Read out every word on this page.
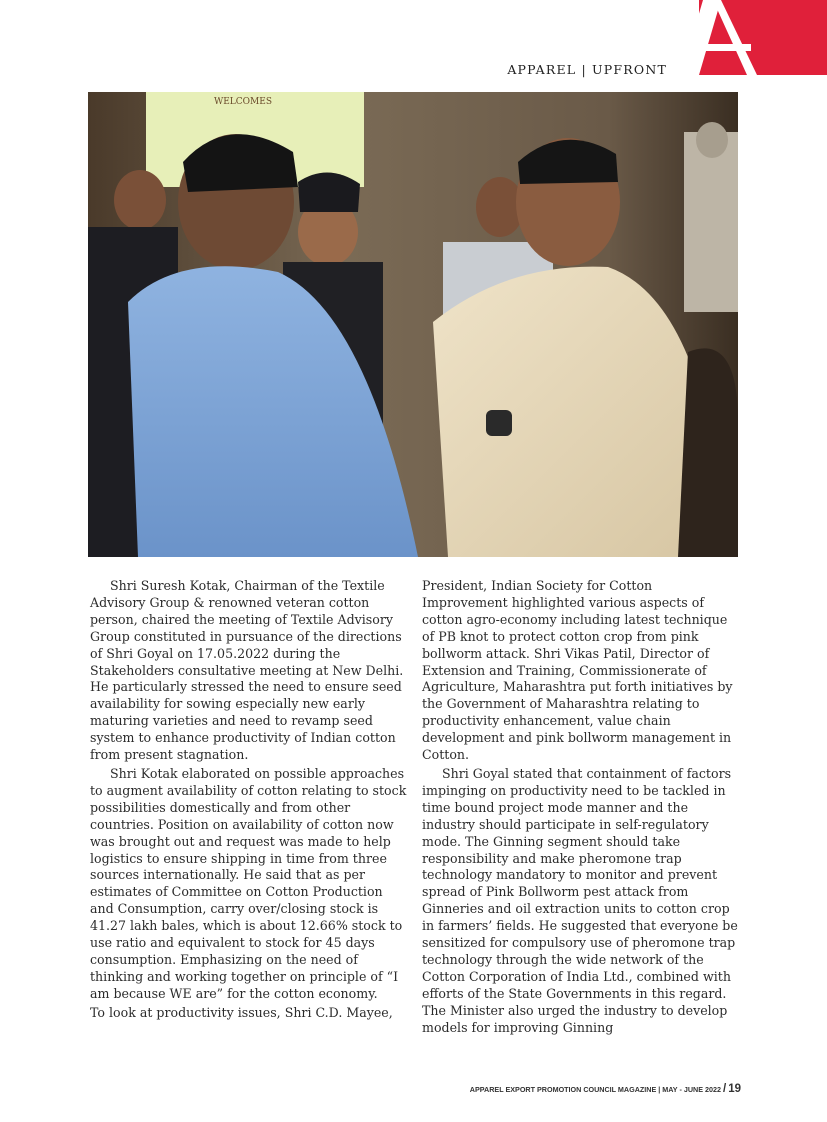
APPAREL | UPFRONT
WELCOMES

Shri Suresh Kotak, Chairman of the Textile Advisory Group & renowned veteran cotton person, chaired the meeting of Textile Advisory Group constituted in pursuance of the directions of Shri Goyal on 17.05.2022 during the Stakeholders consultative meeting at New Delhi. He particularly stressed the need to ensure seed availability for sowing especially new early maturing varieties and need to revamp seed system to enhance productivity of Indian cotton from present stagnation.

Shri Kotak elaborated on possible approaches to augment availability of cotton relating to stock possibilities domestically and from other countries. Position on availability of cotton now was brought out and request was made to help logistics to ensure shipping in time from three sources internationally. He said that as per estimates of Committee on Cotton Production and Consumption, carry over/closing stock is 41.27 lakh bales, which is about 12.66% stock to use ratio and equivalent to stock for 45 days consumption. Emphasizing on the need of thinking and working together on principle of “I am because WE are” for the cotton economy.

To look at productivity issues, Shri C.D. Mayee,

President, Indian Society for Cotton Improvement highlighted various aspects of cotton agro-economy including latest technique of PB knot to protect cotton crop from pink bollworm attack. Shri Vikas Patil, Director of Extension and Training, Commissionerate of Agriculture, Maharashtra put forth initiatives by the Government of Maharashtra relating to productivity enhancement, value chain development and pink bollworm management in Cotton.

Shri Goyal stated that containment of factors impinging on productivity need to be tackled in time bound project mode manner and the industry should participate in self-regulatory mode. The Ginning segment should take responsibility and make pheromone trap technology mandatory to monitor and prevent spread of Pink Bollworm pest attack from Ginneries and oil extraction units to cotton crop in farmers’ fields. He suggested that everyone be sensitized for compulsory use of pheromone trap technology through the wide network of the Cotton Corporation of India Ltd., combined with efforts of the State Governments in this regard. The Minister also urged the industry to develop models for improving Ginning

APPAREL EXPORT PROMOTION COUNCIL MAGAZINE | MAY - JUNE 2022 / 19
